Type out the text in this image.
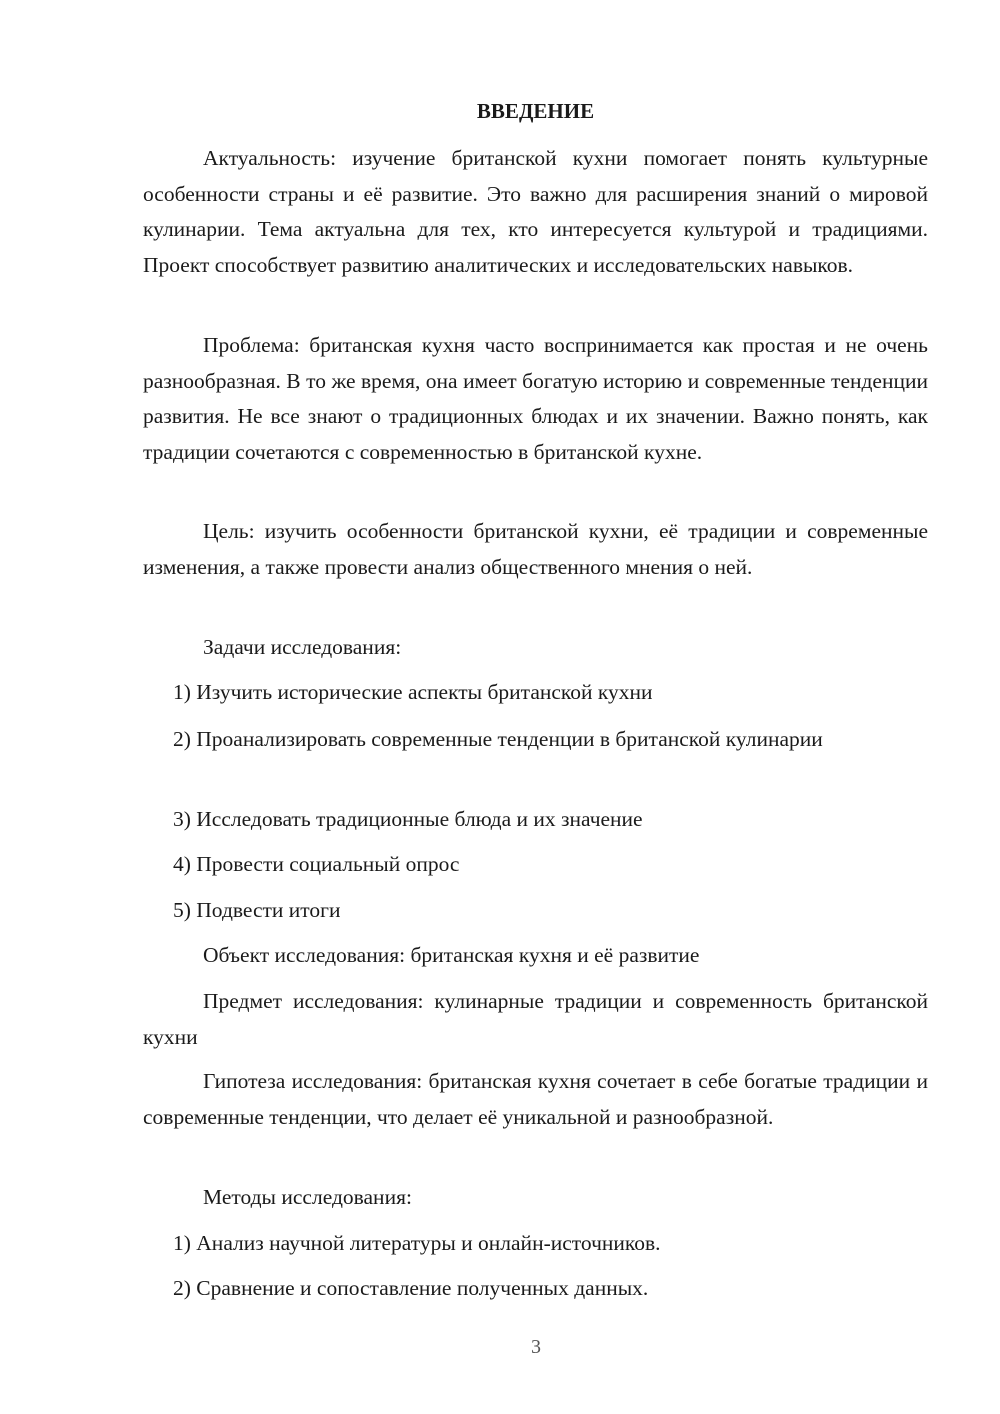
ВВЕДЕНИЕ

Актуальность: изучение британской кухни помогает понять культурные особенности страны и её развитие. Это важно для расширения знаний о мировой кулинарии. Тема актуальна для тех, кто интересуется культурой и традициями. Проект способствует развитию аналитических и исследовательских навыков.

Проблема: британская кухня часто воспринимается как простая и не очень разнообразная. В то же время, она имеет богатую историю и современные тенденции развития. Не все знают о традиционных блюдах и их значении. Важно понять, как традиции сочетаются с современностью в британской кухне.

Цель: изучить особенности британской кухни, её традиции и современные изменения, а также провести анализ общественного мнения о ней.

Задачи исследования:

1) Изучить исторические аспекты британской кухни

2) Проанализировать современные тенденции в британской кулинарии

3) Исследовать традиционные блюда и их значение

4) Провести социальный опрос

5) Подвести итоги

Объект исследования: британская кухня и её развитие

Предмет исследования: кулинарные традиции и современность британской кухни

Гипотеза исследования: британская кухня сочетает в себе богатые традиции и современные тенденции, что делает её уникальной и разнообразной.

Методы исследования:

1) Анализ научной литературы и онлайн-источников.

2) Сравнение и сопоставление полученных данных.

3
